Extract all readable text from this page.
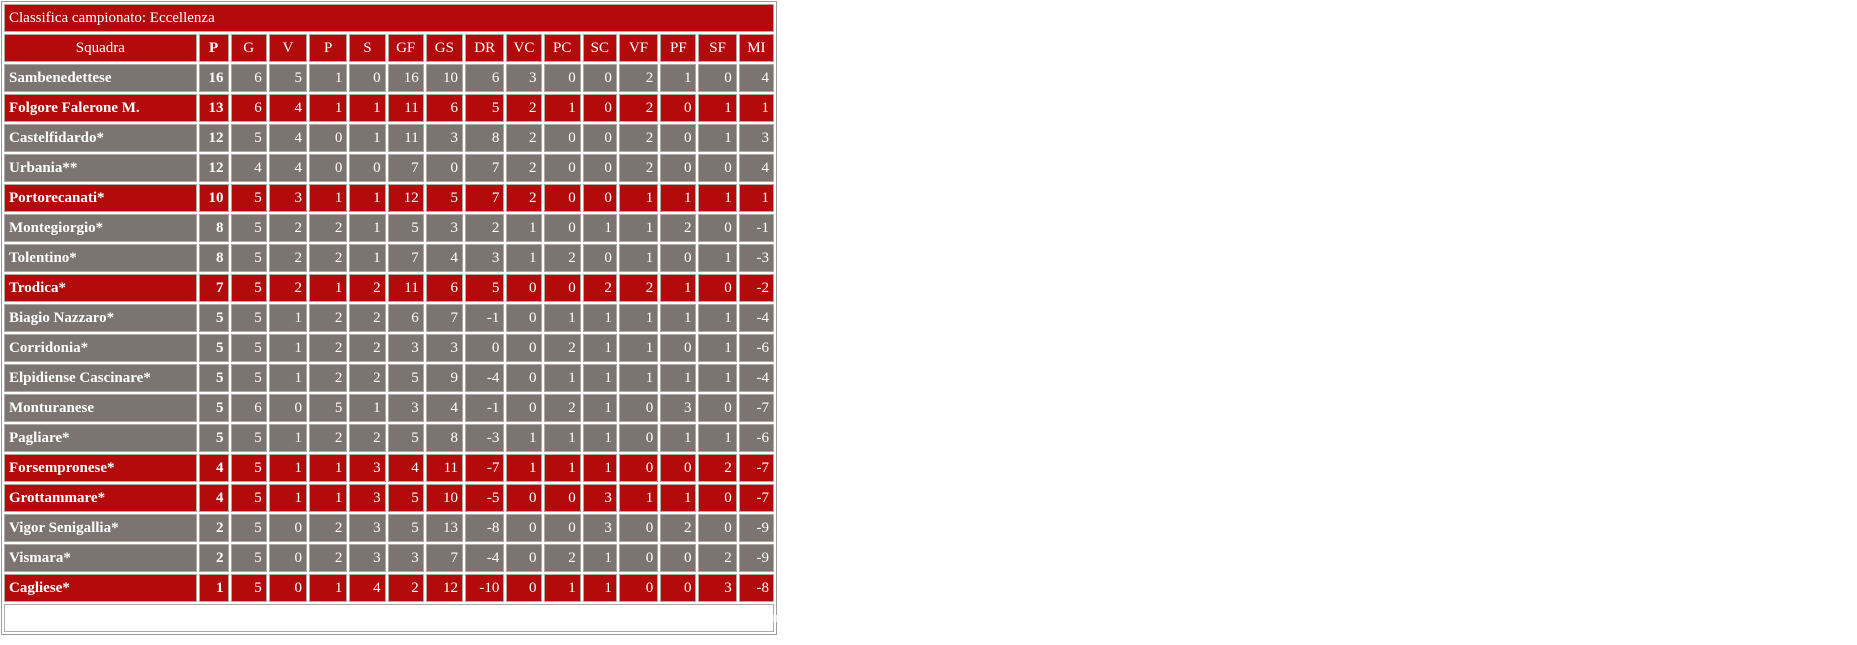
Classifica campionato: Eccellenza															
Squadra	P	G	V	P	S	GF	GS	DR	VC	PC	SC	VF	PF	SF	MI
Sambenedettese	16	6	5	1	0	16	10	6	3	0	0	2	1	0	4
Folgore Falerone M.	13	6	4	1	1	11	6	5	2	1	0	2	0	1	1
Castelfidardo*	12	5	4	0	1	11	3	8	2	0	0	2	0	1	3
Urbania**	12	4	4	0	0	7	0	7	2	0	0	2	0	0	4
Portorecanati*	10	5	3	1	1	12	5	7	2	0	0	1	1	1	1
Montegiorgio*	8	5	2	2	1	5	3	2	1	0	1	1	2	0	-1
Tolentino*	8	5	2	2	1	7	4	3	1	2	0	1	0	1	-3
Trodica*	7	5	2	1	2	11	6	5	0	0	2	2	1	0	-2
Biagio Nazzaro*	5	5	1	2	2	6	7	-1	0	1	1	1	1	1	-4
Corridonia*	5	5	1	2	2	3	3	0	0	2	1	1	0	1	-6
Elpidiense Cascinare*	5	5	1	2	2	5	9	-4	0	1	1	1	1	1	-4
Monturanese	5	6	0	5	1	3	4	-1	0	2	1	0	3	0	-7
Pagliare*	5	5	1	2	2	5	8	-3	1	1	1	0	1	1	-6
Forsempronese*	4	5	1	1	3	4	11	-7	1	1	1	0	0	2	-7
Grottammare*	4	5	1	1	3	5	10	-5	0	0	3	1	1	0	-7
Vigor Senigallia*	2	5	0	2	3	5	13	-8	0	0	3	0	2	0	-9
Vismara*	2	5	0	2	3	3	7	-4	0	2	1	0	0	2	-9
Cagliese*	1	5	0	1	4	2	12	-10	0	1	1	0	0	3	-8
P-Punti; G-Partite giocate; V-Vittorie; P-Pareggi; S-Sconfitte; GF-Goal fatti; GS-Goal subiti; DR-Differenza reti; VC-Vittorie in casa; PC-Pareggi in casa; SC-Sconfitte in casa; VF-Vittorie fuori casa; PF-Pareggi fuori casa: SF-Sconfitte fuori casa; MI-Media inglese. *- Una partita in meno per ogni asterisco.															
